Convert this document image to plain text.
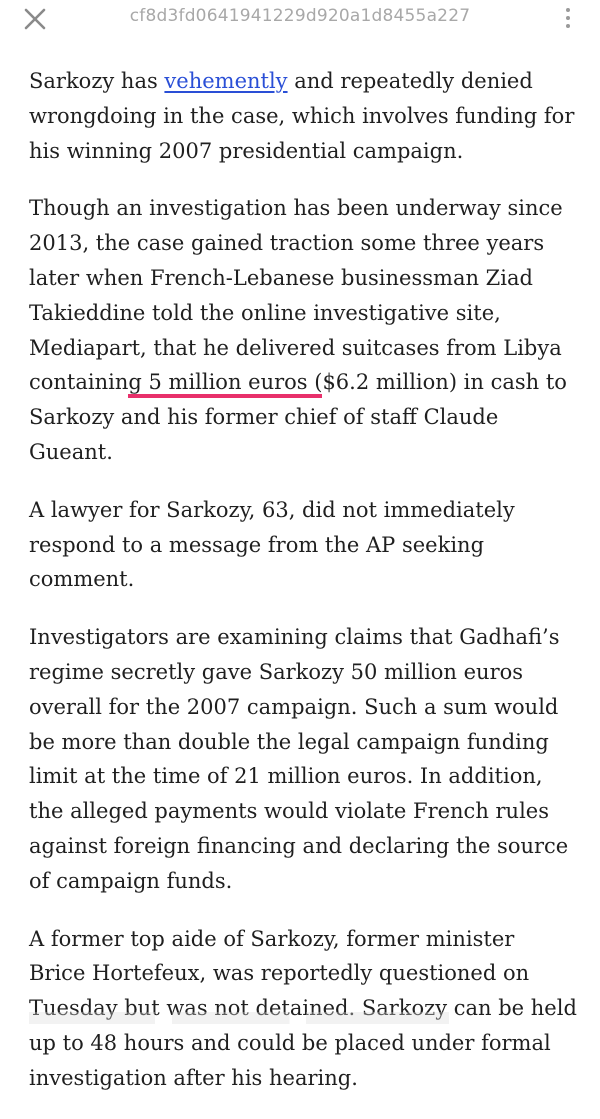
cf8d3fd0641941229d920a1d8455a227

Sarkozy has vehemently and repeatedly denied wrongdoing in the case, which involves funding for his winning 2007 presidential campaign.

Though an investigation has been underway since 2013, the case gained traction some three years later when French-Lebanese businessman Ziad Takieddine told the online investigative site, Mediapart, that he delivered suitcases from Libya containing 5 million euros ($6.2 million) in cash to Sarkozy and his former chief of staff Claude Gueant.

A lawyer for Sarkozy, 63, did not immediately respond to a message from the AP seeking comment.

Investigators are examining claims that Gadhafi’s regime secretly gave Sarkozy 50 million euros overall for the 2007 campaign. Such a sum would be more than double the legal campaign funding limit at the time of 21 million euros. In addition, the alleged payments would violate French rules against foreign financing and declaring the source of campaign funds.

A former top aide of Sarkozy, former minister Brice Hortefeux, was reportedly questioned on Tuesday but was not detained. Sarkozy can be held up to 48 hours and could be placed under formal investigation after his hearing.
